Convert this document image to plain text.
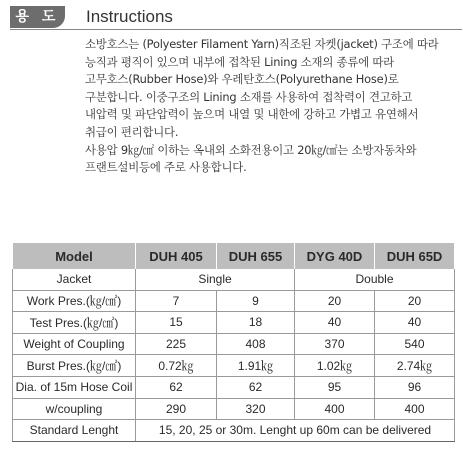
용 도	Instructions
소방호스는 (Polyester Filament Yarn)직조된 자켓(jacket) 구조에 따라
능직과 평직이 있으며 내부에 접착된 Lining 소재의 종류에 따라
고무호스(Rubber Hose)와 우레탄호스(Polyurethane Hose)로
구분합니다. 이중구조의 Lining 소재를 사용하여 접착력이 견고하고
내압력 및 파단압력이 높으며 내열 및 내한에 강하고 가볍고 유연해서
취급이 편리합니다.
사용압 9㎏/㎠ 이하는 옥내외 소화전용이고 20㎏/㎠는 소방자동차와
프랜트설비등에 주로 사용합니다.
Model	DUH 405	DUH 655	DYG 40D	DUH 65D
Jacket	Single		Double	
Work Pres.(㎏/㎠)	7	9	20	20
Test Pres.(㎏/㎠)	15	18	40	40
Weight of Coupling	225	408	370	540
Burst Pres.(㎏/㎠)	0.72㎏	1.91㎏	1.02㎏	2.74㎏
Dia. of 15m Hose Coil	62	62	95	96
w/coupling	290	320	400	400
Standard Lenght	15, 20, 25 or 30m. Lenght up 60m can be delivered			
